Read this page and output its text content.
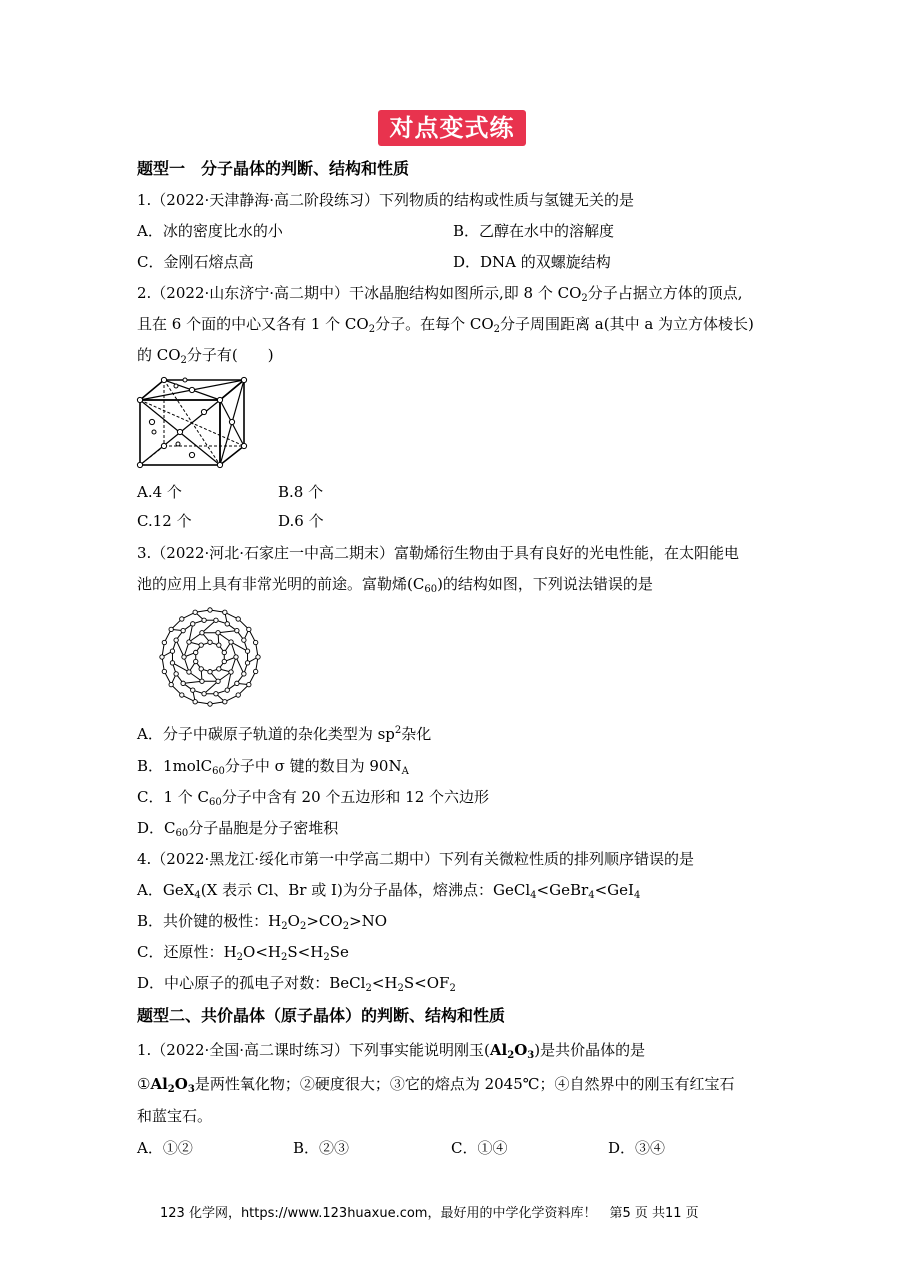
对点变式练
题型一　分子晶体的判断、结构和性质
1.（2022·天津静海·高二阶段练习）下列物质的结构或性质与氢键无关的是
A．冰的密度比水的小	B．乙醇在水中的溶解度
C．金刚石熔点高	D．DNA 的双螺旋结构
2.（2022·山东济宁·高二期中）干冰晶胞结构如图所示,即 8 个 $CO_2$分子占据立方体的顶点,
且在 6 个面的中心又各有 1 个 $CO_2$分子。在每个 $CO_2$分子周围距离 a(其中 a 为立方体棱长)
的 $CO_2$分子有(　　)
A.4 个	B.8 个
C.12 个	D.6 个
3.（2022·河北·石家庄一中高二期末）富勒烯衍生物由于具有良好的光电性能，在太阳能电
池的应用上具有非常光明的前途。富勒烯$(C_{60})$的结构如图，下列说法错误的是
A．分子中碳原子轨道的杂化类型为 $sp^2$杂化
B．1molC$_{60}$分子中 σ 键的数目为 $90N_A$
C．1 个 $C_{60}$分子中含有 20 个五边形和 12 个六边形
D．$C_{60}$分子晶胞是分子密堆积
4.（2022·黑龙江·绥化市第一中学高二期中）下列有关微粒性质的排列顺序错误的是
A．GeX$_4$(X 表示 Cl、Br 或 I)为分子晶体，熔沸点：GeCl$_4$<GeBr$_4$<GeI$_4$
B．共价键的极性：$H_2O_2>CO_2>NO$
C．还原性：$H_2O<H_2S<H_2Se$
D．中心原子的孤电子对数：$BeCl_2<H_2S<OF_2$
题型二、共价晶体（原子晶体）的判断、结构和性质
1.（2022·全国·高二课时练习）下列事实能说明刚玉$(Al_2O_3)$是共价晶体的是
$①Al_2O_3$是两性氧化物；②硬度很大；③它的熔点为 2045℃；④自然界中的刚玉有红宝石
和蓝宝石。
A．①②	B．②③	C．①④	D．③④
123 化学网，https://www.123huaxue.com，最好用的中学化学资料库！　第5 页 共11 页
